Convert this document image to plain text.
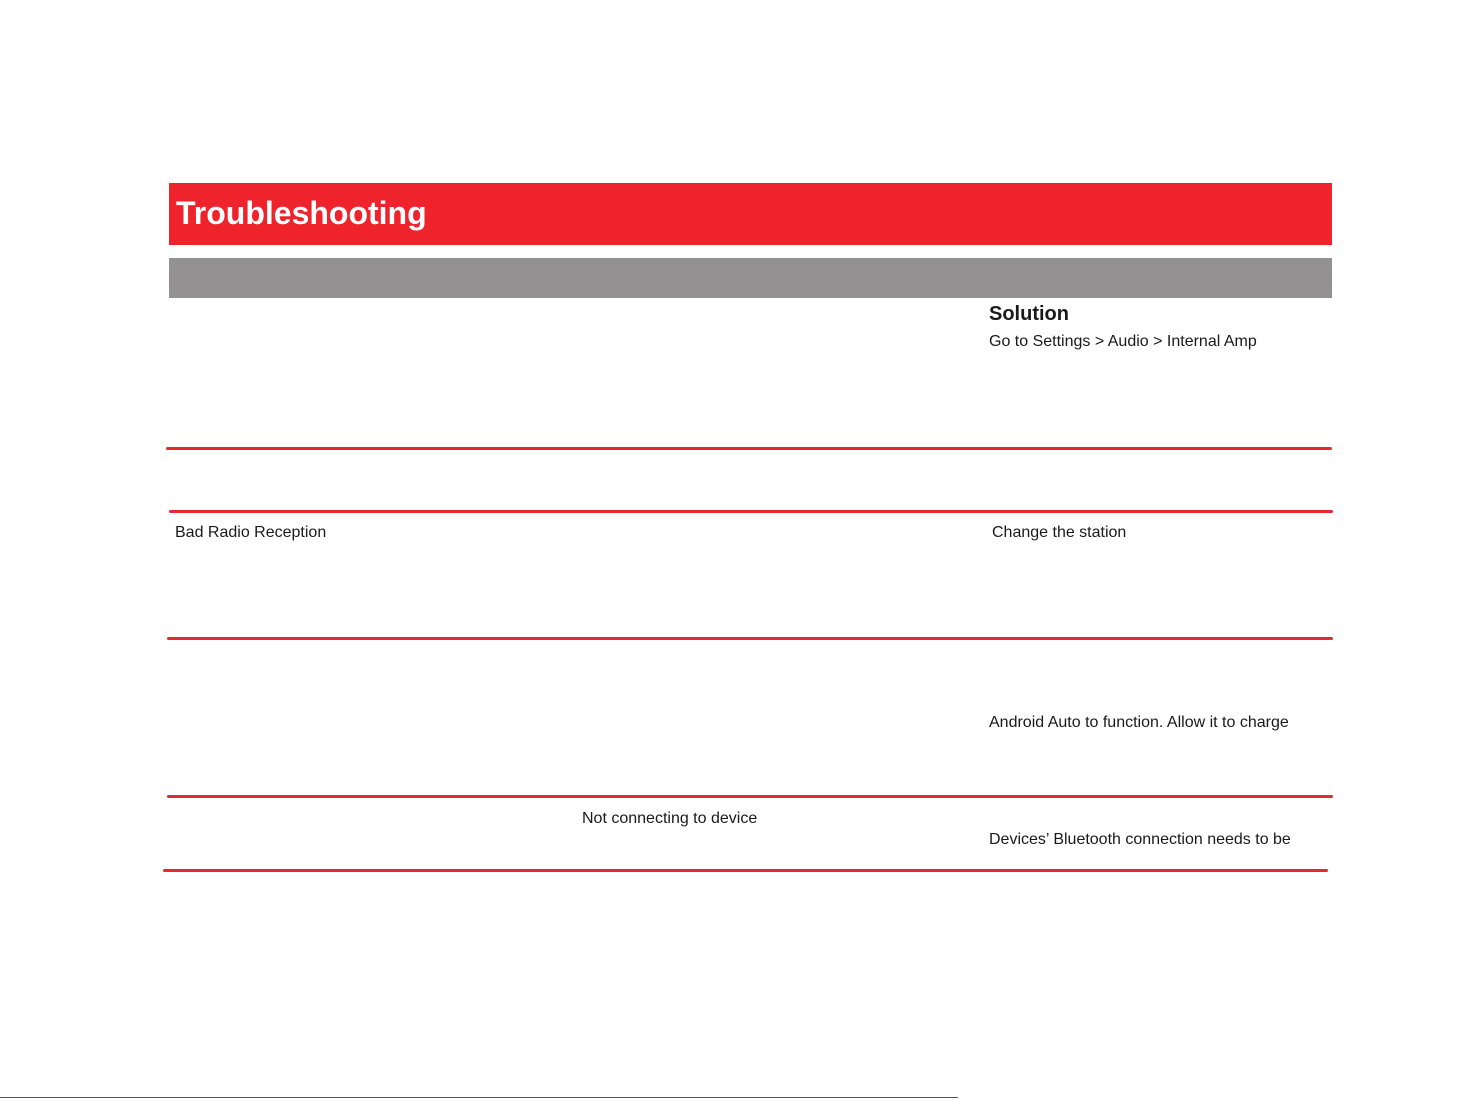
Troubleshooting
Solution
Go to Settings > Audio > Internal Amp
Bad Radio Reception	Change the station
Android Auto to function. Allow it to charge
Not connecting to device
Devices’ Bluetooth connection needs to be
